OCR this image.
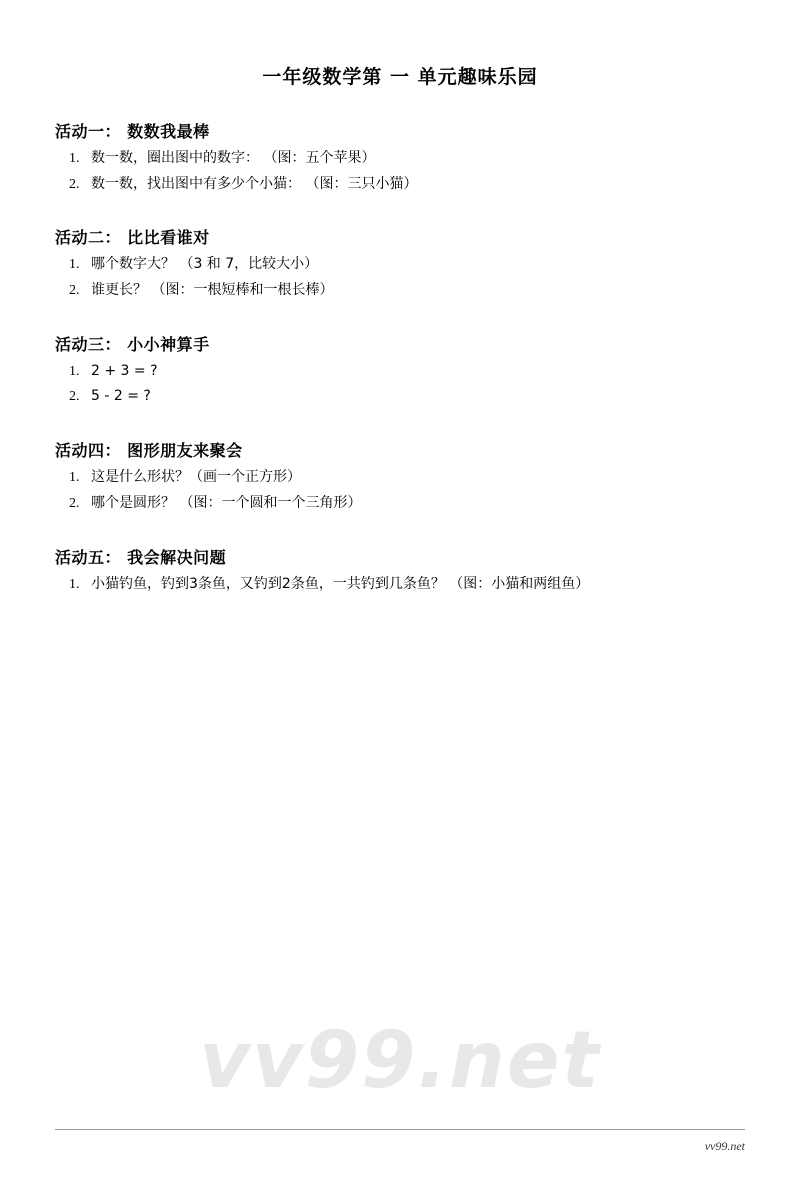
一年级数学第 一 单元趣味乐园
活动一： 数数我最棒
1. 数一数，圈出图中的数字： （图：五个苹果）
2. 数一数，找出图中有多少个小猫： （图：三只小猫）
活动二： 比比看谁对
1. 哪个数字大？ （3 和 7，比较大小）
2. 谁更长？ （图：一根短棒和一根长棒）
活动三： 小小神算手
1. 2 + 3 = ?
2. 5 - 2 = ?
活动四： 图形朋友来聚会
1. 这是什么形状？（画一个正方形）
2. 哪个是圆形？ （图：一个圆和一个三角形）
活动五： 我会解决问题
1. 小猫钓鱼，钓到3条鱼，又钓到2条鱼，一共钓到几条鱼？ （图：小猫和两组鱼）
vv99.net
vv99.net
